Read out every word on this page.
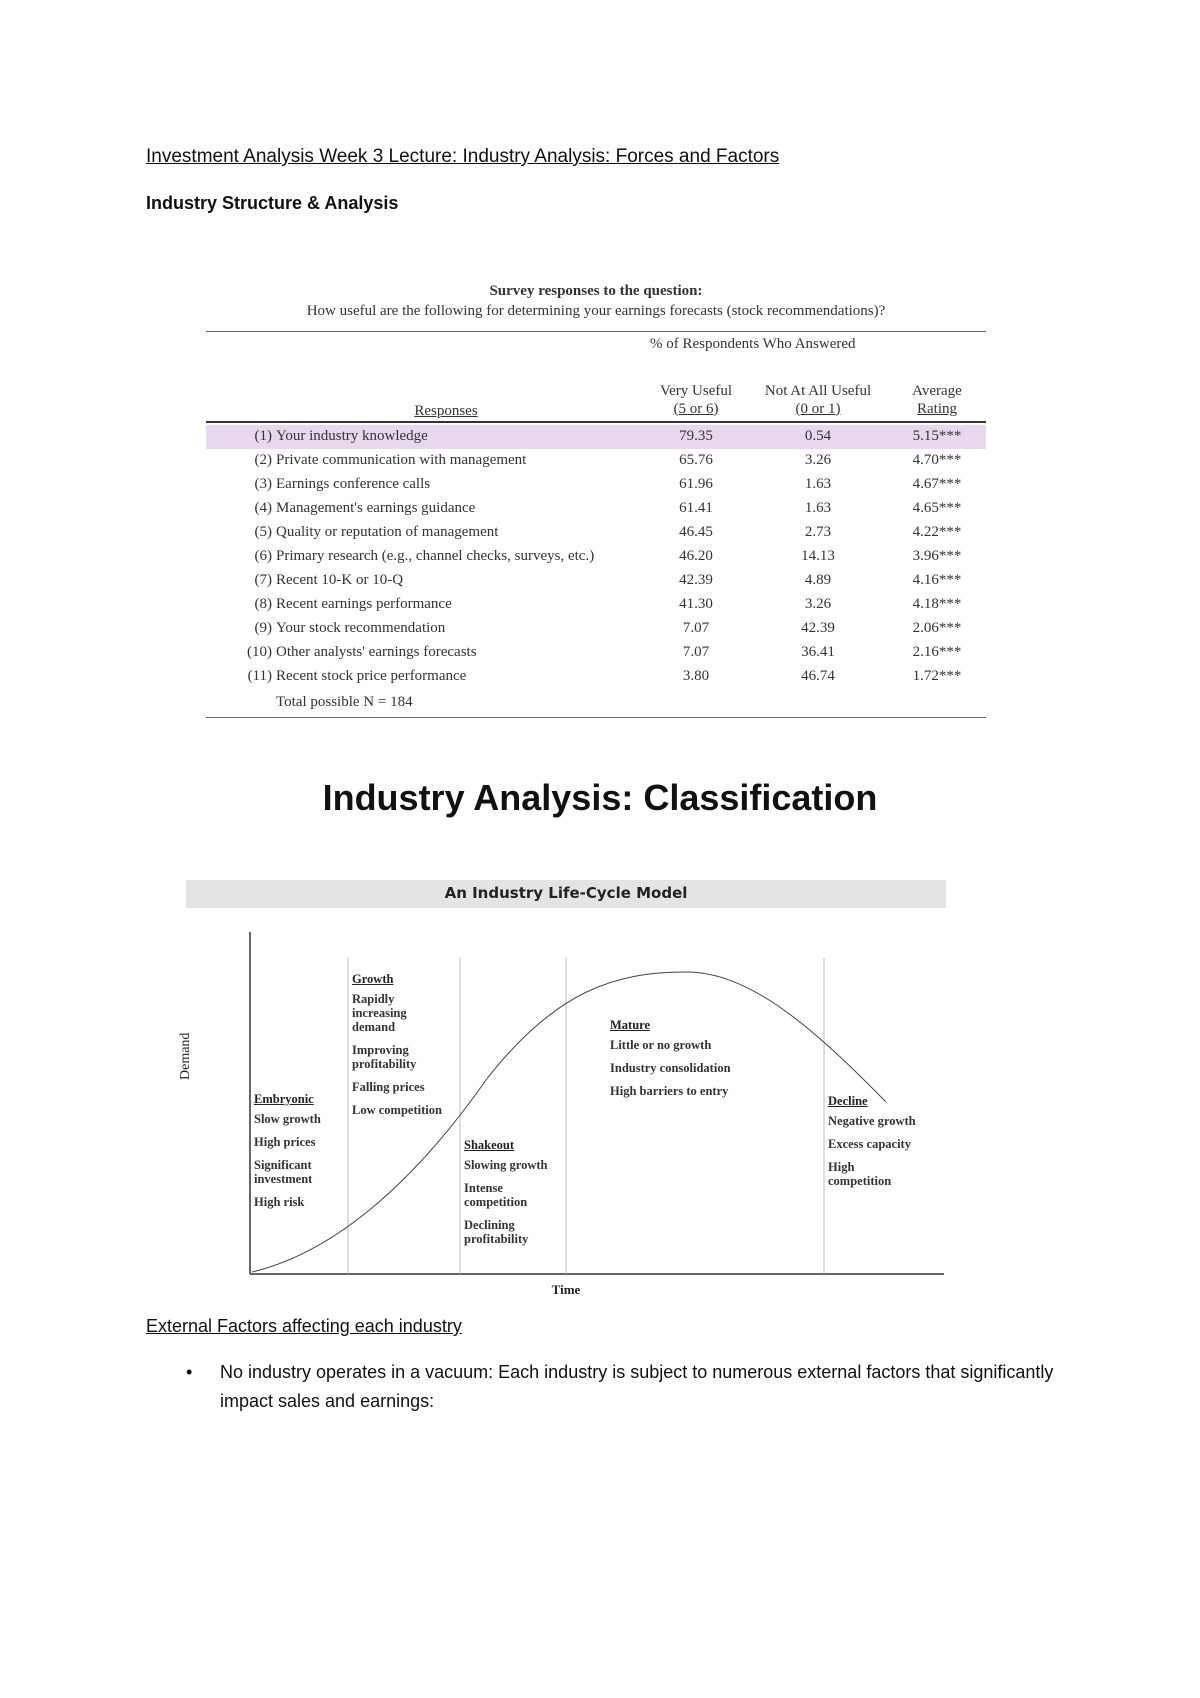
Investment Analysis Week 3 Lecture: Industry Analysis: Forces and Factors
Industry Structure & Analysis
Survey responses to the question:
How useful are the following for determining your earnings forecasts (stock recommendations)?
% of Respondents Who Answered
Very Useful
(5 or 6)
Not At All Useful
(0 or 1)
Average
Rating
Responses
(1) Your industry knowledge	79.35	0.54	5.15***
(2) Private communication with management	65.76	3.26	4.70***
(3) Earnings conference calls	61.96	1.63	4.67***
(4) Management's earnings guidance	61.41	1.63	4.65***
(5) Quality or reputation of management	46.45	2.73	4.22***
(6) Primary research (e.g., channel checks, surveys, etc.)	46.20	14.13	3.96***
(7) Recent 10-K or 10-Q	42.39	4.89	4.16***
(8) Recent earnings performance	41.30	3.26	4.18***
(9) Your stock recommendation	7.07	42.39	2.06***
(10) Other analysts' earnings forecasts	7.07	36.41	2.16***
(11) Recent stock price performance	3.80	46.74	1.72***
Total possible N = 184
Industry Analysis: Classification
An Industry Life-Cycle Model
Demand
Time
Embryonic
Slow growth
High prices
Significant investment
High risk
Growth
Rapidly increasing demand
Improving profitability
Falling prices
Low competition
Shakeout
Slowing growth
Intense competition
Declining profitability
Mature
Little or no growth
Industry consolidation
High barriers to entry
Decline
Negative growth
Excess capacity
High competition
External Factors affecting each industry
• No industry operates in a vacuum: Each industry is subject to numerous external factors that significantly impact sales and earnings:
